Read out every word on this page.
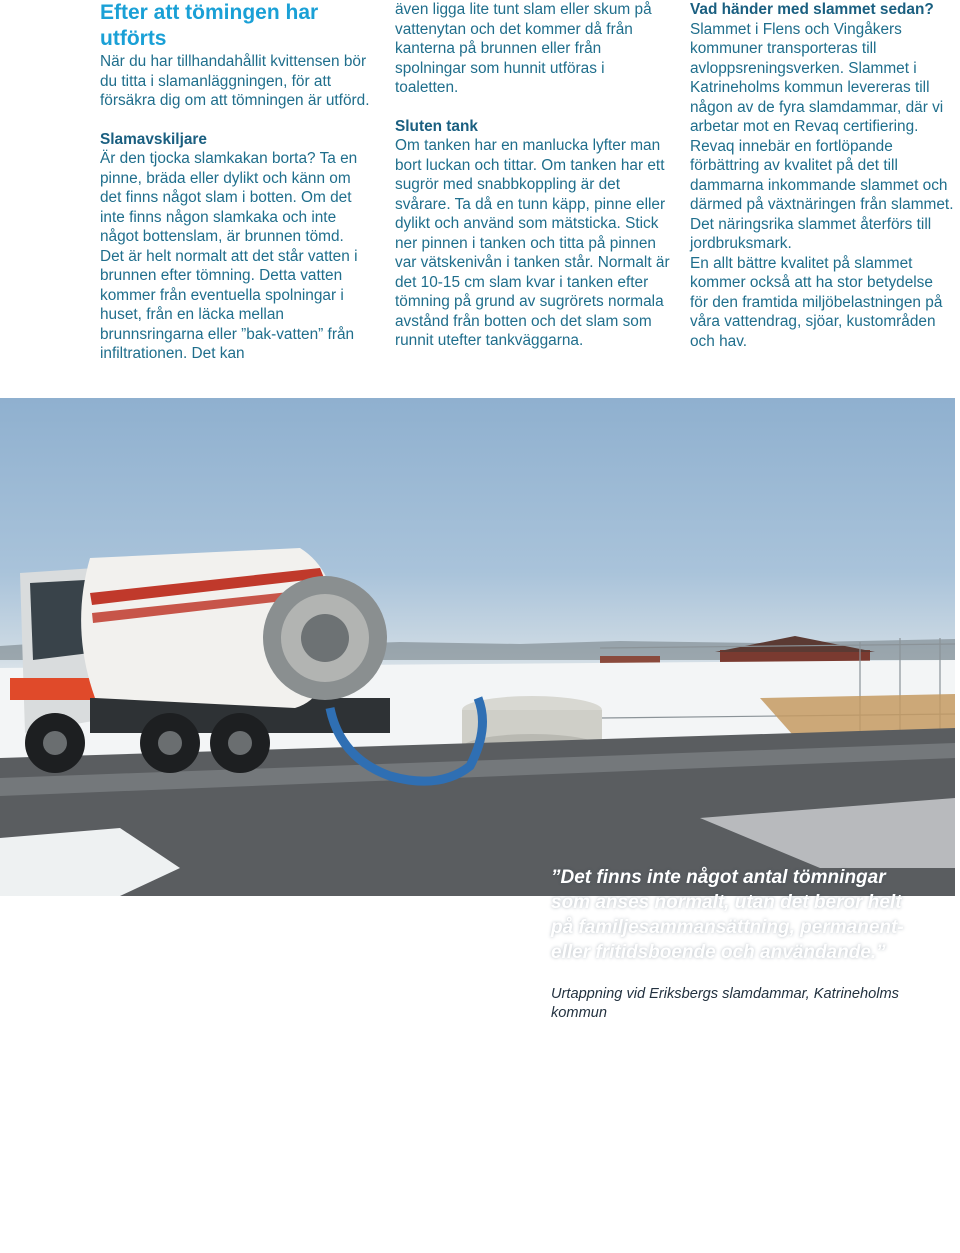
Efter att tömingen har utförts

När du har tillhandahållit kvittensen bör du titta i slamanläggningen, för att försäkra dig om att tömningen är utförd.

Slamavskiljare

Är den tjocka slamkakan borta? Ta en pinne, bräda eller dylikt och känn om det finns något slam i botten. Om det inte finns någon slamkaka och inte något bottenslam, är brunnen tömd. Det är helt normalt att det står vatten i brunnen efter tömning. Detta vatten kommer från eventuella spolningar i huset, från en läcka mellan brunnsringarna eller ”bak-vatten” från infiltrationen. Det kan

även ligga lite tunt slam eller skum på vattenytan och det kommer då från kanterna på brunnen eller från spolningar som hunnit utföras i toaletten.

Sluten tank

Om tanken har en manlucka lyfter man bort luckan och tittar. Om tanken har ett sugrör med snabbkoppling är det svårare. Ta då en tunn käpp, pinne eller dylikt och använd som mätsticka. Stick ner pinnen i tanken och titta på pinnen var vätskenivån i tanken står. Normalt är det 10-15 cm slam kvar i tanken efter tömning på grund av sugrörets normala avstånd från botten och det slam som runnit utefter tankväggarna.

Vad händer med slammet sedan?

Slammet i Flens och Vingåkers kommuner transporteras till avloppsreningsverken. Slammet i Katrineholms kommun levereras till någon av de fyra slamdammar, där vi arbetar mot en Revaq certifiering. Revaq innebär en fortlöpande förbättring av kvalitet på det till dammarna inkommande slammet och därmed på växtnäringen från slammet. Det näringsrika slammet återförs till jordbruksmark.

En allt bättre kvalitet på slammet kommer också att ha stor betydelse för den framtida miljöbelastningen på våra vattendrag, sjöar, kustområden och hav.

”Det finns inte något antal tömningar som anses normalt, utan det beror helt på familjesammansättning, permanent- eller fritidsboende och användande.”
Urtappning vid Eriksbergs slamdammar, Katrineholms kommun
— 6 —
